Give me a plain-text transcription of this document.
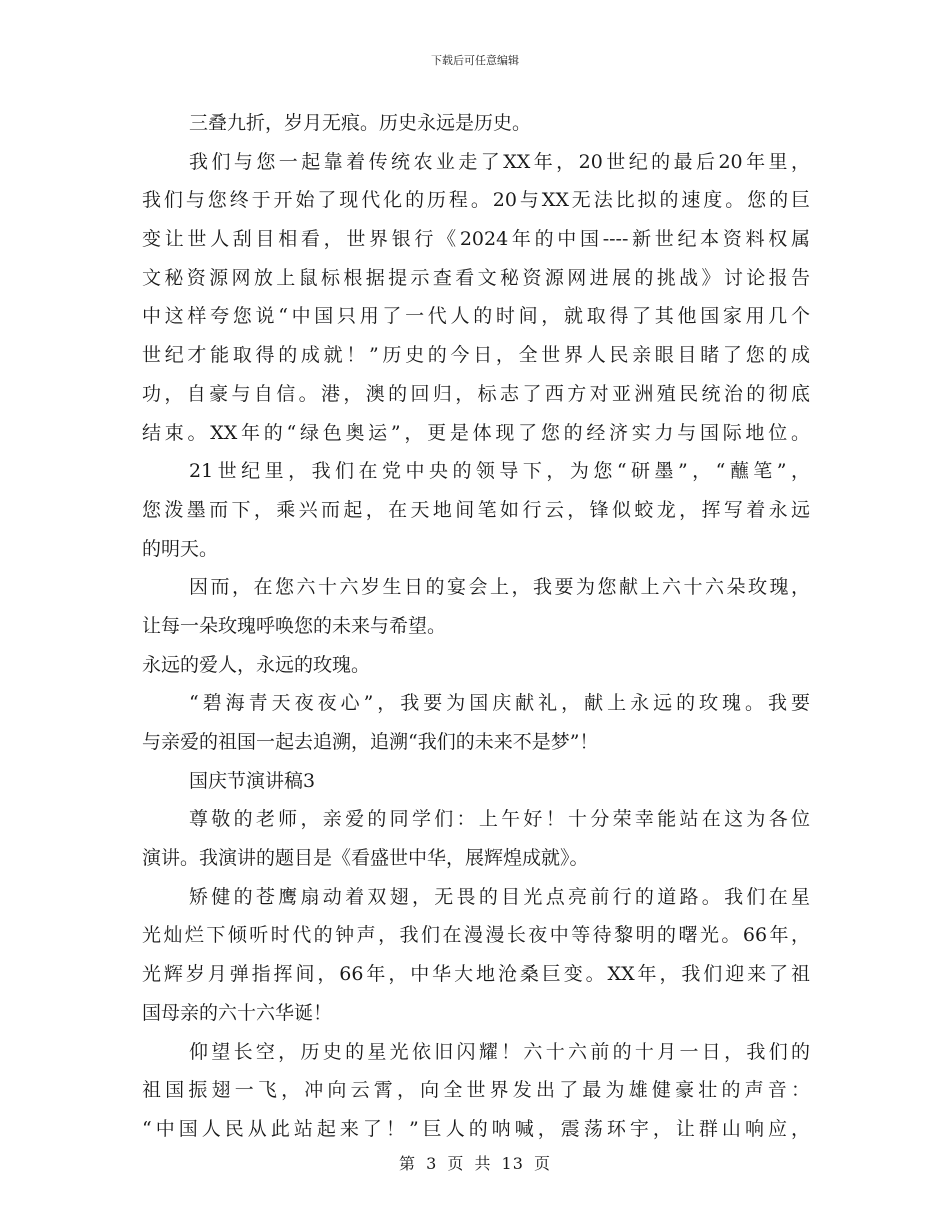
下载后可任意编辑
三叠九折，岁月无痕。历史永远是历史。
我们与您一起靠着传统农业走了XX年，20世纪的最后20年里，
我们与您终于开始了现代化的历程。20与XX无法比拟的速度。您的巨
变让世人刮目相看，世界银行《2024年的中国----新世纪本资料权属
文秘资源网放上鼠标根据提示查看文秘资源网进展的挑战》讨论报告
中这样夸您说“中国只用了一代人的时间，就取得了其他国家用几个
世纪才能取得的成就！”历史的今日，全世界人民亲眼目睹了您的成
功，自豪与自信。港，澳的回归，标志了西方对亚洲殖民统治的彻底
结束。XX年的“绿色奥运”，更是体现了您的经济实力与国际地位。
21世纪里，我们在党中央的领导下，为您“研墨”，“蘸笔”，
您泼墨而下，乘兴而起，在天地间笔如行云，锋似蛟龙，挥写着永远
的明天。
因而，在您六十六岁生日的宴会上，我要为您献上六十六朵玫瑰，
让每一朵玫瑰呼唤您的未来与希望。
永远的爱人，永远的玫瑰。
“碧海青天夜夜心”，我要为国庆献礼，献上永远的玫瑰。我要
与亲爱的祖国一起去追溯，追溯“我们的未来不是梦”！
国庆节演讲稿3
尊敬的老师，亲爱的同学们：上午好！十分荣幸能站在这为各位
演讲。我演讲的题目是《看盛世中华，展辉煌成就》。
矫健的苍鹰扇动着双翅，无畏的目光点亮前行的道路。我们在星
光灿烂下倾听时代的钟声，我们在漫漫长夜中等待黎明的曙光。66年，
光辉岁月弹指挥间，66年，中华大地沧桑巨变。XX年，我们迎来了祖
国母亲的六十六华诞！
仰望长空，历史的星光依旧闪耀！六十六前的十月一日，我们的
祖国振翅一飞，冲向云霄，向全世界发出了最为雄健豪壮的声音：
“中国人民从此站起来了！”巨人的呐喊，震荡环宇，让群山响应，
第 3 页 共 13 页
